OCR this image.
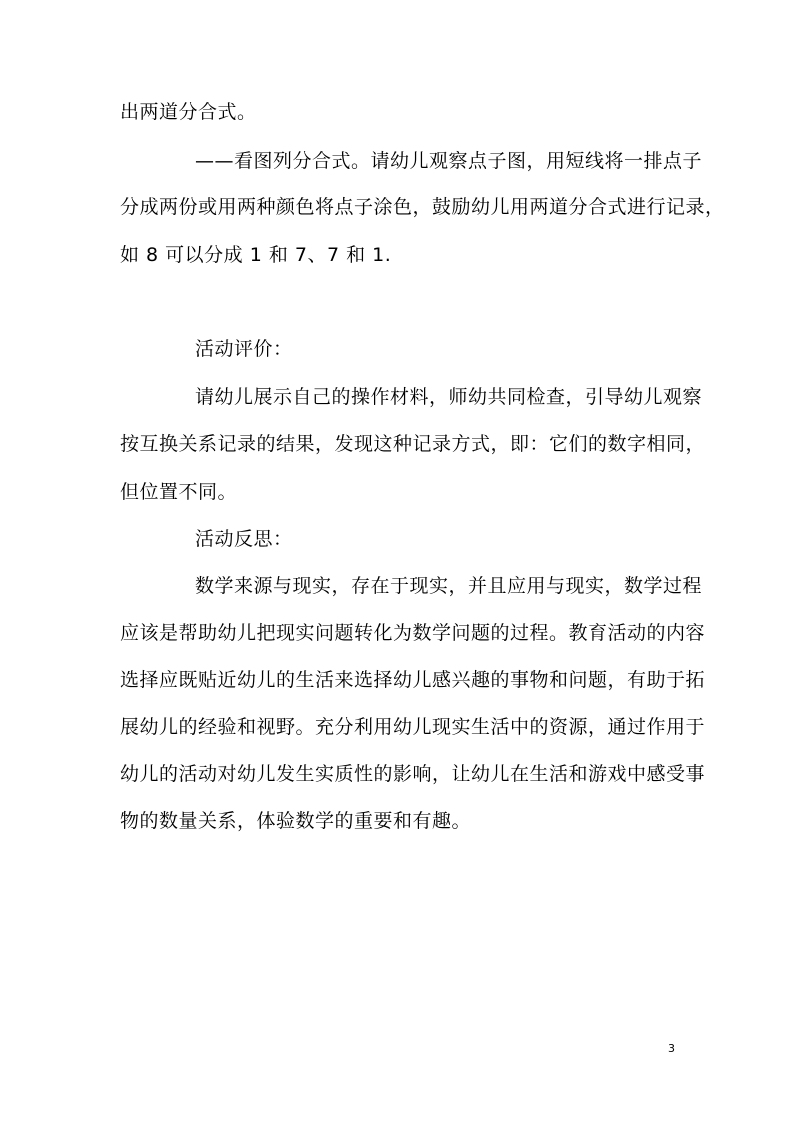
出两道分合式。
——看图列分合式。请幼儿观察点子图，用短线将一排点子
分成两份或用两种颜色将点子涂色，鼓励幼儿用两道分合式进行记录，
如 8 可以分成 1 和 7、7 和 1.
活动评价：
请幼儿展示自己的操作材料，师幼共同检查，引导幼儿观察
按互换关系记录的结果，发现这种记录方式，即：它们的数字相同，
但位置不同。
活动反思：
数学来源与现实，存在于现实，并且应用与现实，数学过程
应该是帮助幼儿把现实问题转化为数学问题的过程。教育活动的内容
选择应既贴近幼儿的生活来选择幼儿感兴趣的事物和问题，有助于拓
展幼儿的经验和视野。充分利用幼儿现实生活中的资源，通过作用于
幼儿的活动对幼儿发生实质性的影响，让幼儿在生活和游戏中感受事
物的数量关系，体验数学的重要和有趣。
3
